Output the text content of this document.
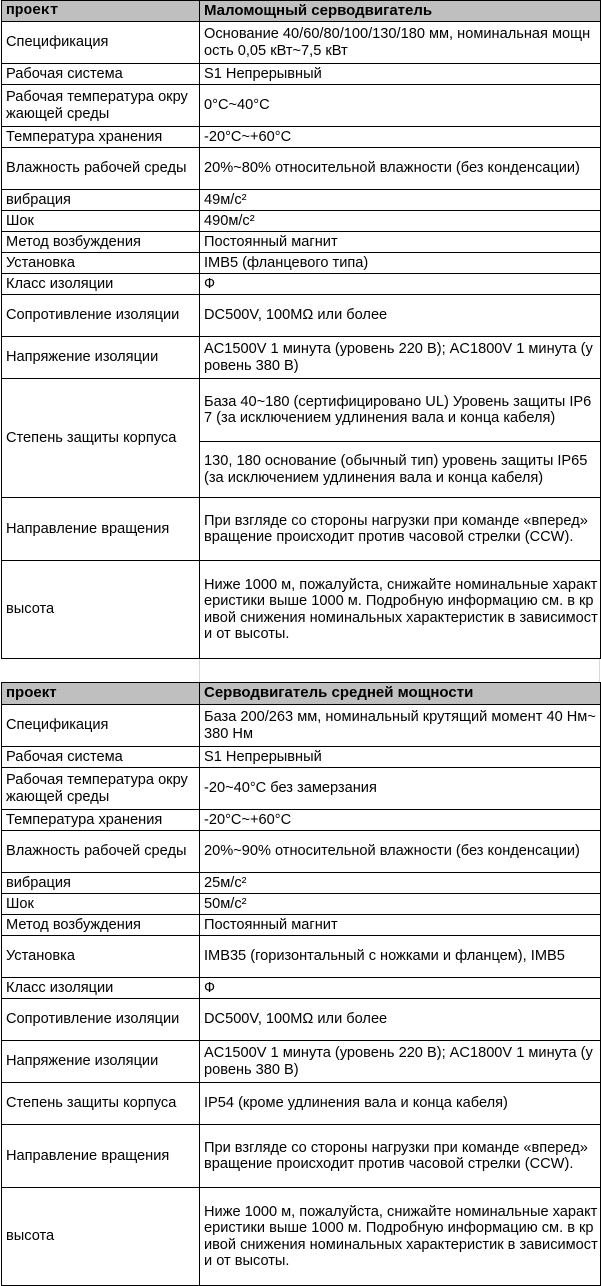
проект	Маломощный серводвигатель
Спецификация	Основание 40/60/80/100/130/180 мм, номинальная мощность 0,05 кВт~7,5 кВт
Рабочая система	S1 Непрерывный
Рабочая температура окружающей среды	0°C~40°C
Температура хранения	-20°C~+60°C
Влажность рабочей среды	20%~80% относительной влажности (без конденсации)
вибрация	49м/с²
Шок	490м/с²
Метод возбуждения	Постоянный магнит
Установка	IMB5 (фланцевого типа)
Класс изоляции	Ф
Сопротивление изоляции	DC500V, 100MΩ или более
Напряжение изоляции	AC1500V 1 минута (уровень 220 В); AC1800V 1 минута (уровень 380 В)
Степень защиты корпуса	База 40~180 (сертифицировано UL) Уровень защиты IP67 (за исключением удлинения вала и конца кабеля)
	130, 180 основание (обычный тип) уровень защиты IP65 (за исключением удлинения вала и конца кабеля)
Направление вращения	При взгляде со стороны нагрузки при команде «вперед» вращение происходит против часовой стрелки (CCW).
высота	Ниже 1000 м, пожалуйста, снижайте номинальные характеристики выше 1000 м. Подробную информацию см. в кривой снижения номинальных характеристик в зависимости от высоты.
проект	Серводвигатель средней мощности
Спецификация	База 200/263 мм, номинальный крутящий момент 40 Нм~380 Нм
Рабочая система	S1 Непрерывный
Рабочая температура окружающей среды	-20~40°C без замерзания
Температура хранения	-20°C~+60°C
Влажность рабочей среды	20%~90% относительной влажности (без конденсации)
вибрация	25м/с²
Шок	50м/с²
Метод возбуждения	Постоянный магнит
Установка	IMB35 (горизонтальный с ножками и фланцем), IMB5
Класс изоляции	Ф
Сопротивление изоляции	DC500V, 100MΩ или более
Напряжение изоляции	AC1500V 1 минута (уровень 220 В); AC1800V 1 минута (уровень 380 В)
Степень защиты корпуса	IP54 (кроме удлинения вала и конца кабеля)
Направление вращения	При взгляде со стороны нагрузки при команде «вперед» вращение происходит против часовой стрелки (CCW).
высота	Ниже 1000 м, пожалуйста, снижайте номинальные характеристики выше 1000 м. Подробную информацию см. в кривой снижения номинальных характеристик в зависимости от высоты.
